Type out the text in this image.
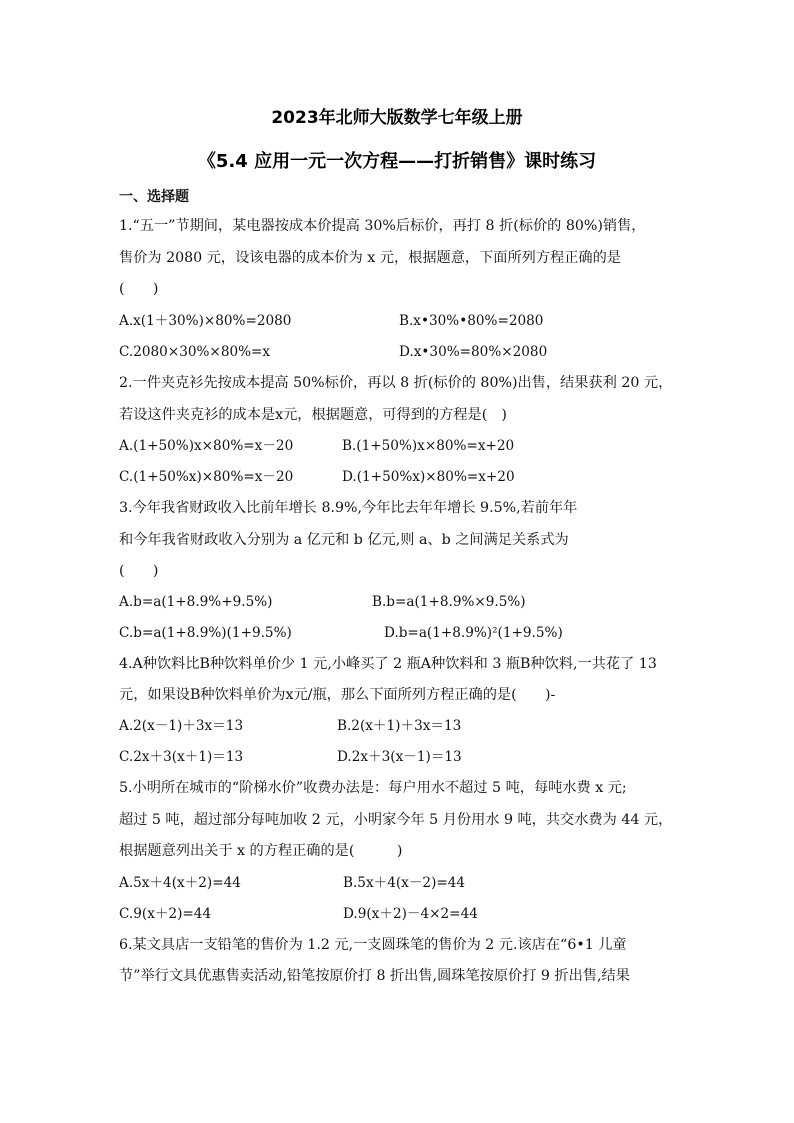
2023年北师大版数学七年级上册
《5.4 应用一元一次方程——打折销售》课时练习
一、选择题
1.“五一”节期间，某电器按成本价提高 30%后标价，再打 8 折(标价的 80%)销售，
售价为 2080 元，设该电器的成本价为 x 元，根据题意，下面所列方程正确的是
(　　)
A.x(1＋30%)×80%=2080	B.x•30%•80%=2080
C.2080×30%×80%=x	D.x•30%=80%×2080
2.一件夹克衫先按成本提高 50%标价，再以 8 折(标价的 80%)出售，结果获利 20 元，
若设这件夹克衫的成本是x元，根据题意，可得到的方程是(　)
A.(1+50%)x×80%=x－20	B.(1+50%)x×80%=x+20
C.(1+50%x)×80%=x－20	D.(1+50%x)×80%=x+20
3.今年我省财政收入比前年增长 8.9%,今年比去年年增长 9.5%,若前年年
和今年我省财政收入分别为 a 亿元和 b 亿元,则 a、b 之间满足关系式为
(　　)
A.b=a(1+8.9%+9.5%)	B.b=a(1+8.9%×9.5%)
C.b=a(1+8.9%)(1+9.5%)	D.b=a(1+8.9%)²(1+9.5%)
4.A种饮料比B种饮料单价少 1 元,小峰买了 2 瓶A种饮料和 3 瓶B种饮料,一共花了 13
元，如果设B种饮料单价为x元/瓶，那么下面所列方程正确的是(　　)-
A.2(x－1)＋3x＝13	B.2(x＋1)＋3x＝13
C.2x＋3(x＋1)＝13	D.2x＋3(x－1)＝13
5.小明所在城市的“阶梯水价”收费办法是：每户用水不超过 5 吨，每吨水费 x 元;
超过 5 吨，超过部分每吨加收 2 元，小明家今年 5 月份用水 9 吨，共交水费为 44 元，
根据题意列出关于 x 的方程正确的是(　　　)
A.5x＋4(x＋2)=44	B.5x＋4(x－2)=44
C.9(x＋2)=44	D.9(x＋2)－4×2=44
6.某文具店一支铅笔的售价为 1.2 元,一支圆珠笔的售价为 2 元.该店在“6•1 儿童
节”举行文具优惠售卖活动,铅笔按原价打 8 折出售,圆珠笔按原价打 9 折出售,结果
